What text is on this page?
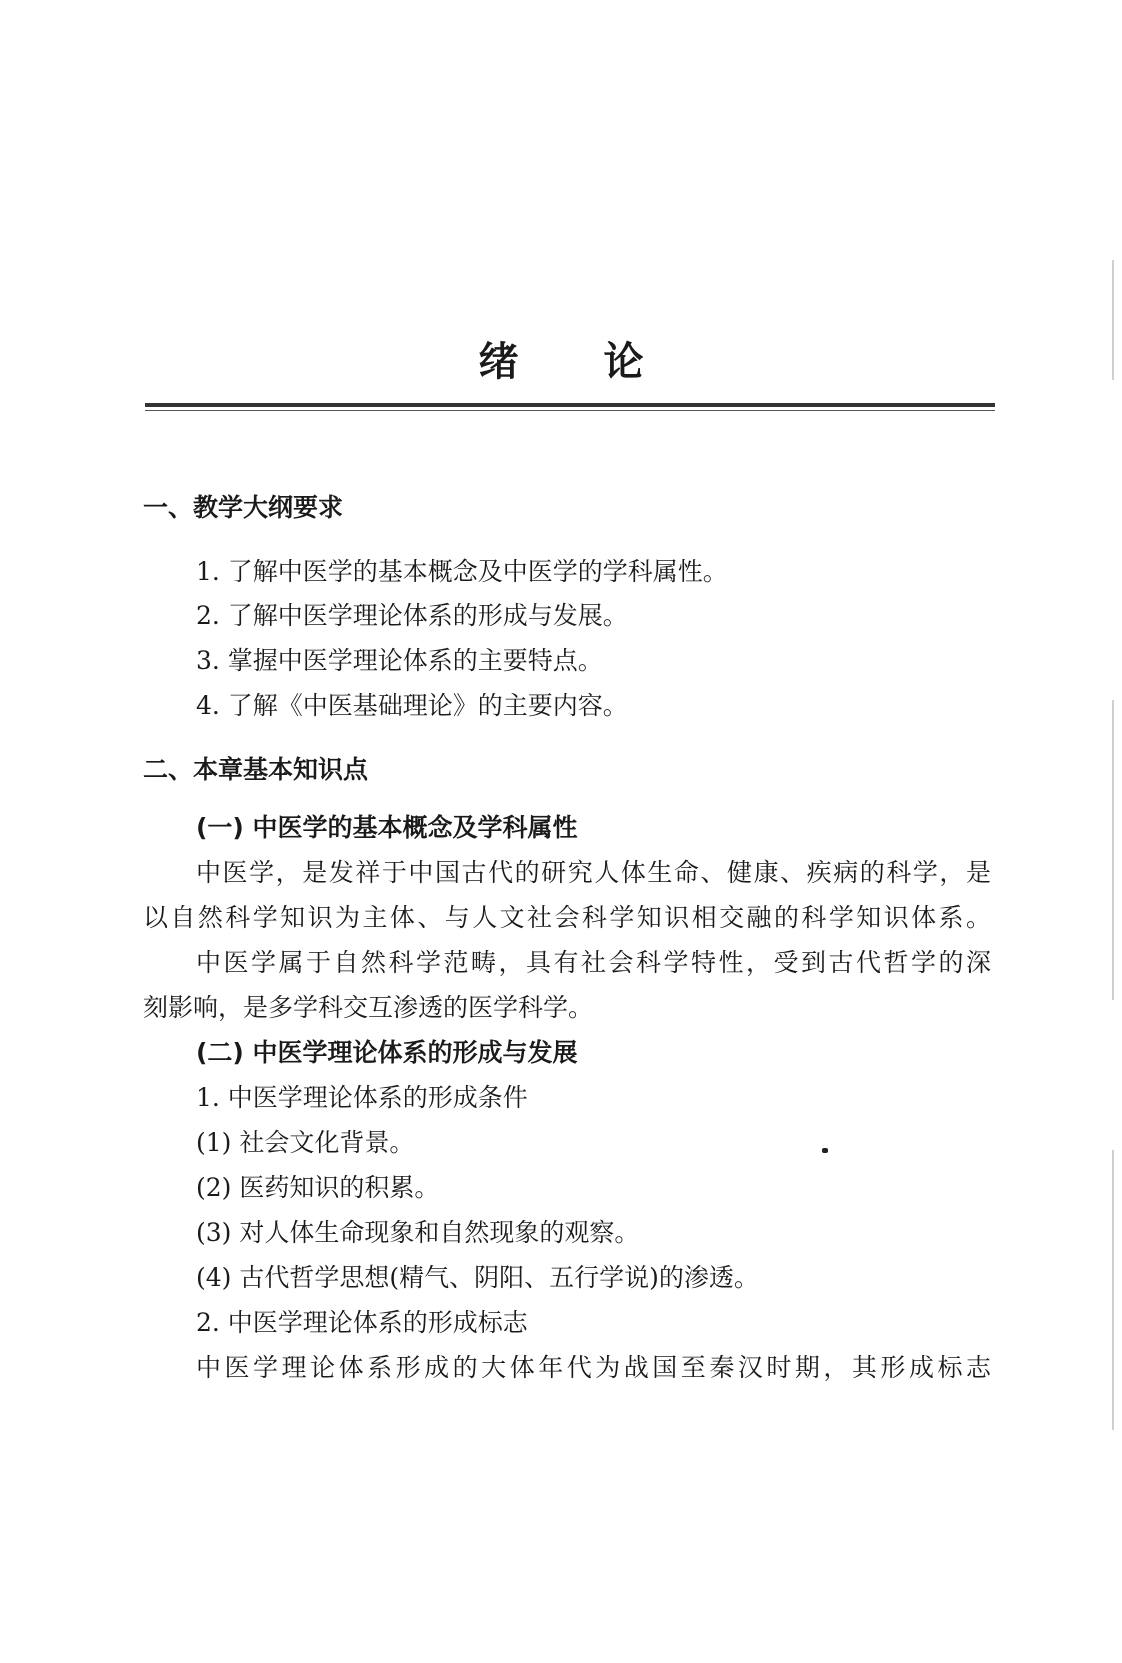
绪 论
一、教学大纲要求
1. 了解中医学的基本概念及中医学的学科属性。
2. 了解中医学理论体系的形成与发展。
3. 掌握中医学理论体系的主要特点。
4. 了解《中医基础理论》的主要内容。
二、本章基本知识点
(一) 中医学的基本概念及学科属性
中医学，是发祥于中国古代的研究人体生命、健康、疾病的科学，是
以自然科学知识为主体、与人文社会科学知识相交融的科学知识体系。
中医学属于自然科学范畴，具有社会科学特性，受到古代哲学的深
刻影响，是多学科交互渗透的医学科学。
(二) 中医学理论体系的形成与发展
1. 中医学理论体系的形成条件
(1) 社会文化背景。
(2) 医药知识的积累。
(3) 对人体生命现象和自然现象的观察。
(4) 古代哲学思想(精气、阴阳、五行学说)的渗透。
2. 中医学理论体系的形成标志
中医学理论体系形成的大体年代为战国至秦汉时期，其形成标志
